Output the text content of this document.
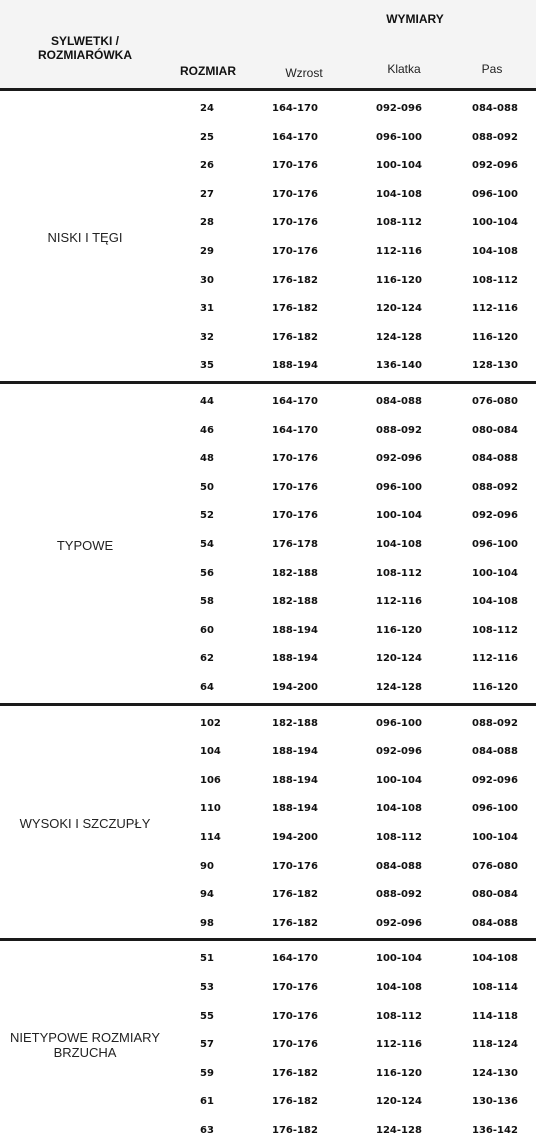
SYLWETKI /
ROZMIARÓWKA
WYMIARY
ROZMIAR	Wzrost	Klatka	Pas
NISKI I TĘGI
24	164-170	092-096	084-088
25	164-170	096-100	088-092
26	170-176	100-104	092-096
27	170-176	104-108	096-100
28	170-176	108-112	100-104
29	170-176	112-116	104-108
30	176-182	116-120	108-112
31	176-182	120-124	112-116
32	176-182	124-128	116-120
35	188-194	136-140	128-130
TYPOWE
44	164-170	084-088	076-080
46	164-170	088-092	080-084
48	170-176	092-096	084-088
50	170-176	096-100	088-092
52	170-176	100-104	092-096
54	176-178	104-108	096-100
56	182-188	108-112	100-104
58	182-188	112-116	104-108
60	188-194	116-120	108-112
62	188-194	120-124	112-116
64	194-200	124-128	116-120
WYSOKI I SZCZUPŁY
102	182-188	096-100	088-092
104	188-194	092-096	084-088
106	188-194	100-104	092-096
110	188-194	104-108	096-100
114	194-200	108-112	100-104
90	170-176	084-088	076-080
94	176-182	088-092	080-084
98	176-182	092-096	084-088
NIETYPOWE ROZMIARY
BRZUCHA
51	164-170	100-104	104-108
53	170-176	104-108	108-114
55	170-176	108-112	114-118
57	170-176	112-116	118-124
59	176-182	116-120	124-130
61	176-182	120-124	130-136
63	176-182	124-128	136-142
